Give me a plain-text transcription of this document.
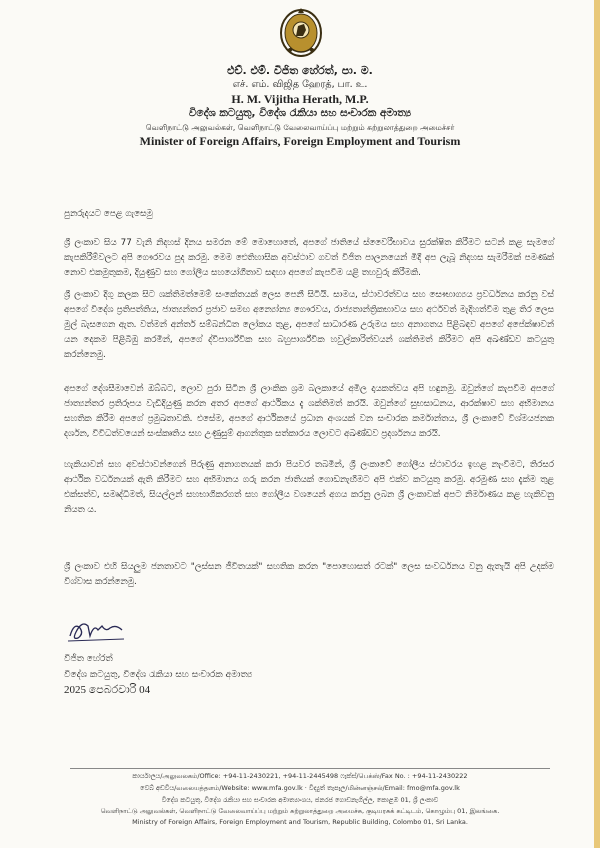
එච්. එම්. විජිත හේරත්, පා. ම.
எச். எம். விஜித ஹேரத், பா. உ.
H. M. Vijitha Herath, M.P.
විදේශ කටයුතු, විදේශ රැකියා සහ සංචාරක අමාත්‍ය
வெளிநாட்டு அலுவல்கள், வெளிநாட்டு வேலைவாய்ப்பு மற்றும் சுற்றுலாத்துறை அமைச்சர்
Minister of Foreign Affairs, Foreign Employment and Tourism
පුනරුදයට පෙළ ගැසෙමු
ශ්‍රී ලංකාව සිය 77 වැනි නිදහස් දිනය සමරන මේ මොහොතේ, අපගේ ජාතියේ ස්වෛරීභාවය සුරක්ෂිත කිරීමට සටන් කළ සැමගේ කැපකිරීම්වලට අපි ගෞරවය පුද කරමු. මෙම ඓතිහාසික අවස්ථාව ගවත් විජිත පාලනයෙන් මිදී අප ලැබූ නිදහස සැමරීමක් පමණක් නොව එකමුතුකම, දියුණුව සහ ගෝලීය සහයෝගීතාව සඳහා අපගේ කැපවීම යළි තහවුරු කිරීමකි.
ශ්‍රී ලංකාව දිගු කලක සිට ශක්තිමත්මෙම් සංකේතයක් ලෙස පෙනී සිටියි. සාමය, ස්ථාවරත්වය සහ සෞභාග්‍යය ප්‍රවර්ධනය කරනු වස් අපගේ විදේශ ප්‍රතිපත්තිය, ජාත්‍යන්තර ප්‍රජාව සමඟ අන්‍යෝන්‍ය ගෞරවය, රාජ්‍යතාන්ත්‍රිකභාවය සහ අර්ථවත් මැදිහත්වීම තුළ තිර ලෙස මුල් බැසගෙන ඇත. වත්මන් අන්තර් සම්බන්ධිත ලෝකය තුළ, අපගේ සාධාරණ උරුමය සහ අනාගතය පිළිබඳව අපගේ අපේක්ෂාවන් යන දෙකම පිළිබිඹු කරමින්, අපගේ ද්විපාර්ශ්වික සහ බහුපාර්ශ්වික හවුල්කාරිත්වයන් ශක්තිමත් කිරීමට අපි අඛණ්ඩව කටයුතු කරන්නෙමු.
අපගේ දේශසීමාවෙන් ඔබ්බට, ලොව පුරා සිටින ශ්‍රී ලාංකික ශ්‍රම බලකායේ අමිල දායකත්වය අපි හඳුනමු. ඔවුන්ගේ කැපවීම අපගේ ජාත්‍යන්තර ප්‍රතිරූපය වැඩිදියුණු කරන අතර අපගේ ආර්ථිකය දැ ශක්තිමත් කරයි. ඔවුන්ගේ සුභසාධනය, ආරක්ෂාව සහ අභිමානය සහතික කිරීම අපගේ ප්‍රමුඛතාවකි. එසේම, අපගේ ආර්ථිකයේ ප්‍රධාන අංශයක් වන සංචාරක කර්මාන්තය, ශ්‍රී ලංකාවේ විශ්මයජනක දර්ශන, විවිධත්වයෙන් සංස්කෘතිය සහ උණුසුම් ආගන්තුක සත්කාරය ලොවට අඛණ්ඩව ප්‍රදර්ශනය කරයි.
හැකියාවන් සහ අවස්ථාවන්ගෙන් පිරුණු අනාගතයක් කරා පියවර තබමින්, ශ්‍රී ලංකාවේ ගෝලීය ස්ථාවරය ඉහළ නැංවීමට, තිරසර ආර්ථික වර්ධනයක් ඇති කිරීමට සහ අභිමානය ගරු කරන ජාතියක් ගොඩනැඟීමට අපි එක්ව කටයුතු කරමු. අරමුණ සහ දැක්ම තුළ එක්සත්ව, සමෘද්ධිමත්, සියල්ලන් සහභාගිකරගත් සහ ගෝලීය වශයෙන් අගය කරනු ලබන ශ්‍රී ලංකාවක් අපට නිර්මාණය කළ හැකිවනු නියත ය.
ශ්‍රී ලංකාව එහි සියලුම ජනතාවට "ලස්සන ජීවිතයක්" සහතික කරන "පොහොසත් රටක්" ලෙස සංවර්ධනය වනු ඇතැයි අපි උදක්ම විශ්වාස කරන්නෙමු.
විජිත හේරත්
විදේශ කටයුතු, විදේශ රැකියා සහ සංචාරක අමාත්‍ය
2025 පෙබරවාරි 04
කාර්යාලය/அலுவலகம்/Office: +94-11-2430221, +94-11-2445498 ෆැක්ස්/பெக்ஸ்/Fax No. : +94-11-2430222
වෙබ් අඩවිය/வலையத்தளம்/Website: www.mfa.gov.lk · විද්‍යුත් තැපෑල/மின்னஞ்சல்/Email: fmo@mfa.gov.lk
විදේශ කටයුතු, විදේශ රැකියා සහ සංචාරක අමාත්‍යාංශය, ජනරජ ගොඩනැගිල්ල, කොළඹ 01, ශ්‍රී ලංකාව
வெளிநாட்டு அலுவல்கள், வெளிநாட்டு வேலைவாய்ப்பு மற்றும் சுற்றுலாத்துறை அமைச்சு, குடியரசுக் கட்டிடம், கொழும்பு 01, இலங்கை.
Ministry of Foreign Affairs, Foreign Employment and Tourism, Republic Building, Colombo 01, Sri Lanka.
